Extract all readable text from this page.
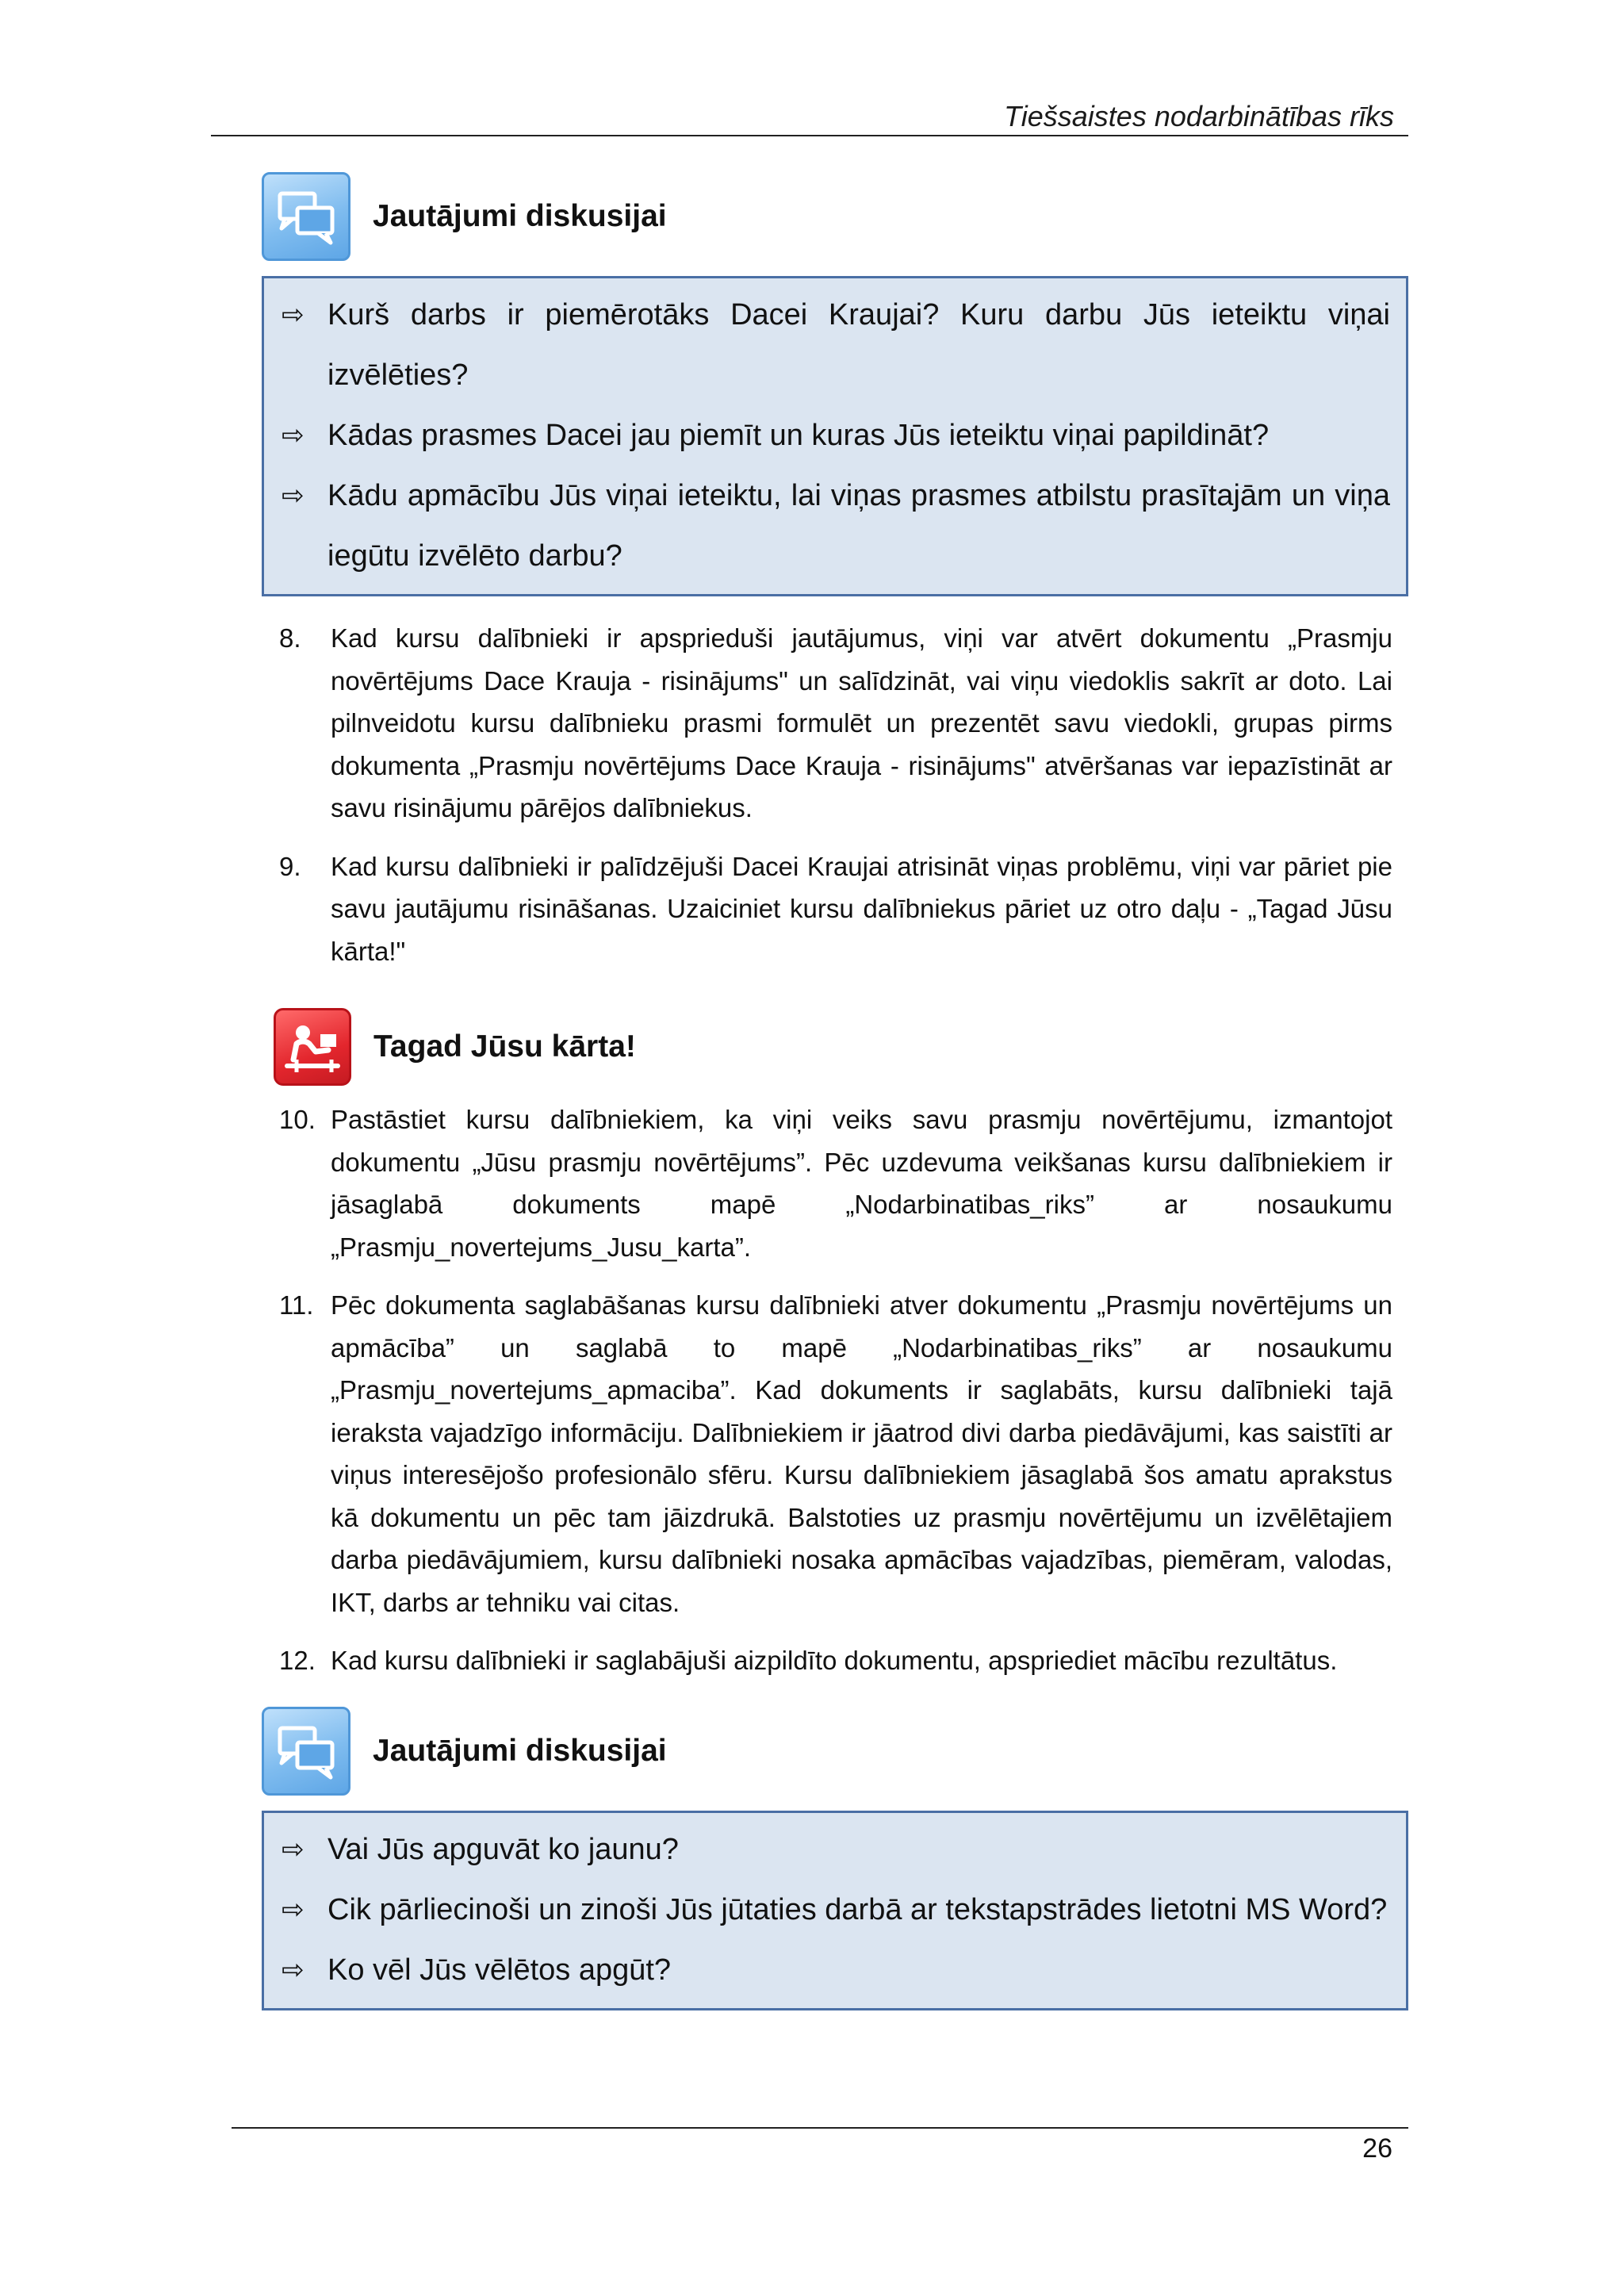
Tiešsaistes nodarbinātības rīks
Jautājumi diskusijai
⇨ Kurš darbs ir piemērotāks Dacei Kraujai? Kuru darbu Jūs ieteiktu viņai izvēlēties?
⇨ Kādas prasmes Dacei jau piemīt un kuras Jūs ieteiktu viņai papildināt?
⇨ Kādu apmācību Jūs viņai ieteiktu, lai viņas prasmes atbilstu prasītajām un viņa iegūtu izvēlēto darbu?
8.	Kad kursu dalībnieki ir apsprieduši jautājumus, viņi var atvērt dokumentu „Prasmju novērtējums Dace Krauja - risinājums" un salīdzināt, vai viņu viedoklis sakrīt ar doto. Lai pilnveidotu kursu dalībnieku prasmi formulēt un prezentēt savu viedokli, grupas pirms dokumenta „Prasmju novērtējums Dace Krauja - risinājums" atvēršanas var iepazīstināt ar savu risinājumu pārējos dalībniekus.
9.	Kad kursu dalībnieki ir palīdzējuši Dacei Kraujai atrisināt viņas problēmu, viņi var pāriet pie savu jautājumu risināšanas. Uzaiciniet kursu dalībniekus pāriet uz otro daļu - „Tagad Jūsu kārta!"
Tagad Jūsu kārta!
10. Pastāstiet kursu dalībniekiem, ka viņi veiks savu prasmju novērtējumu, izmantojot dokumentu „Jūsu prasmju novērtējums”. Pēc uzdevuma veikšanas kursu dalībniekiem ir jāsaglabā dokuments mapē „Nodarbinatibas_riks” ar nosaukumu „Prasmju_novertejums_Jusu_karta”.
11. Pēc dokumenta saglabāšanas kursu dalībnieki atver dokumentu „Prasmju novērtējums un apmācība” un saglabā to mapē „Nodarbinatibas_riks” ar nosaukumu „Prasmju_novertejums_apmaciba”. Kad dokuments ir saglabāts, kursu dalībnieki tajā ieraksta vajadzīgo informāciju. Dalībniekiem ir jāatrod divi darba piedāvājumi, kas saistīti ar viņus interesējošo profesionālo sfēru. Kursu dalībniekiem jāsaglabā šos amatu aprakstus kā dokumentu un pēc tam jāizdrukā. Balstoties uz prasmju novērtējumu un izvēlētajiem darba piedāvājumiem, kursu dalībnieki nosaka apmācības vajadzības, piemēram, valodas, IKT, darbs ar tehniku vai citas.
12. Kad kursu dalībnieki ir saglabājuši aizpildīto dokumentu, apspriediet mācību rezultātus.
Jautājumi diskusijai
⇨ Vai Jūs apguvāt ko jaunu?
⇨ Cik pārliecinoši un zinoši Jūs jūtaties darbā ar tekstapstrādes lietotni MS Word?
⇨ Ko vēl Jūs vēlētos apgūt?
26
